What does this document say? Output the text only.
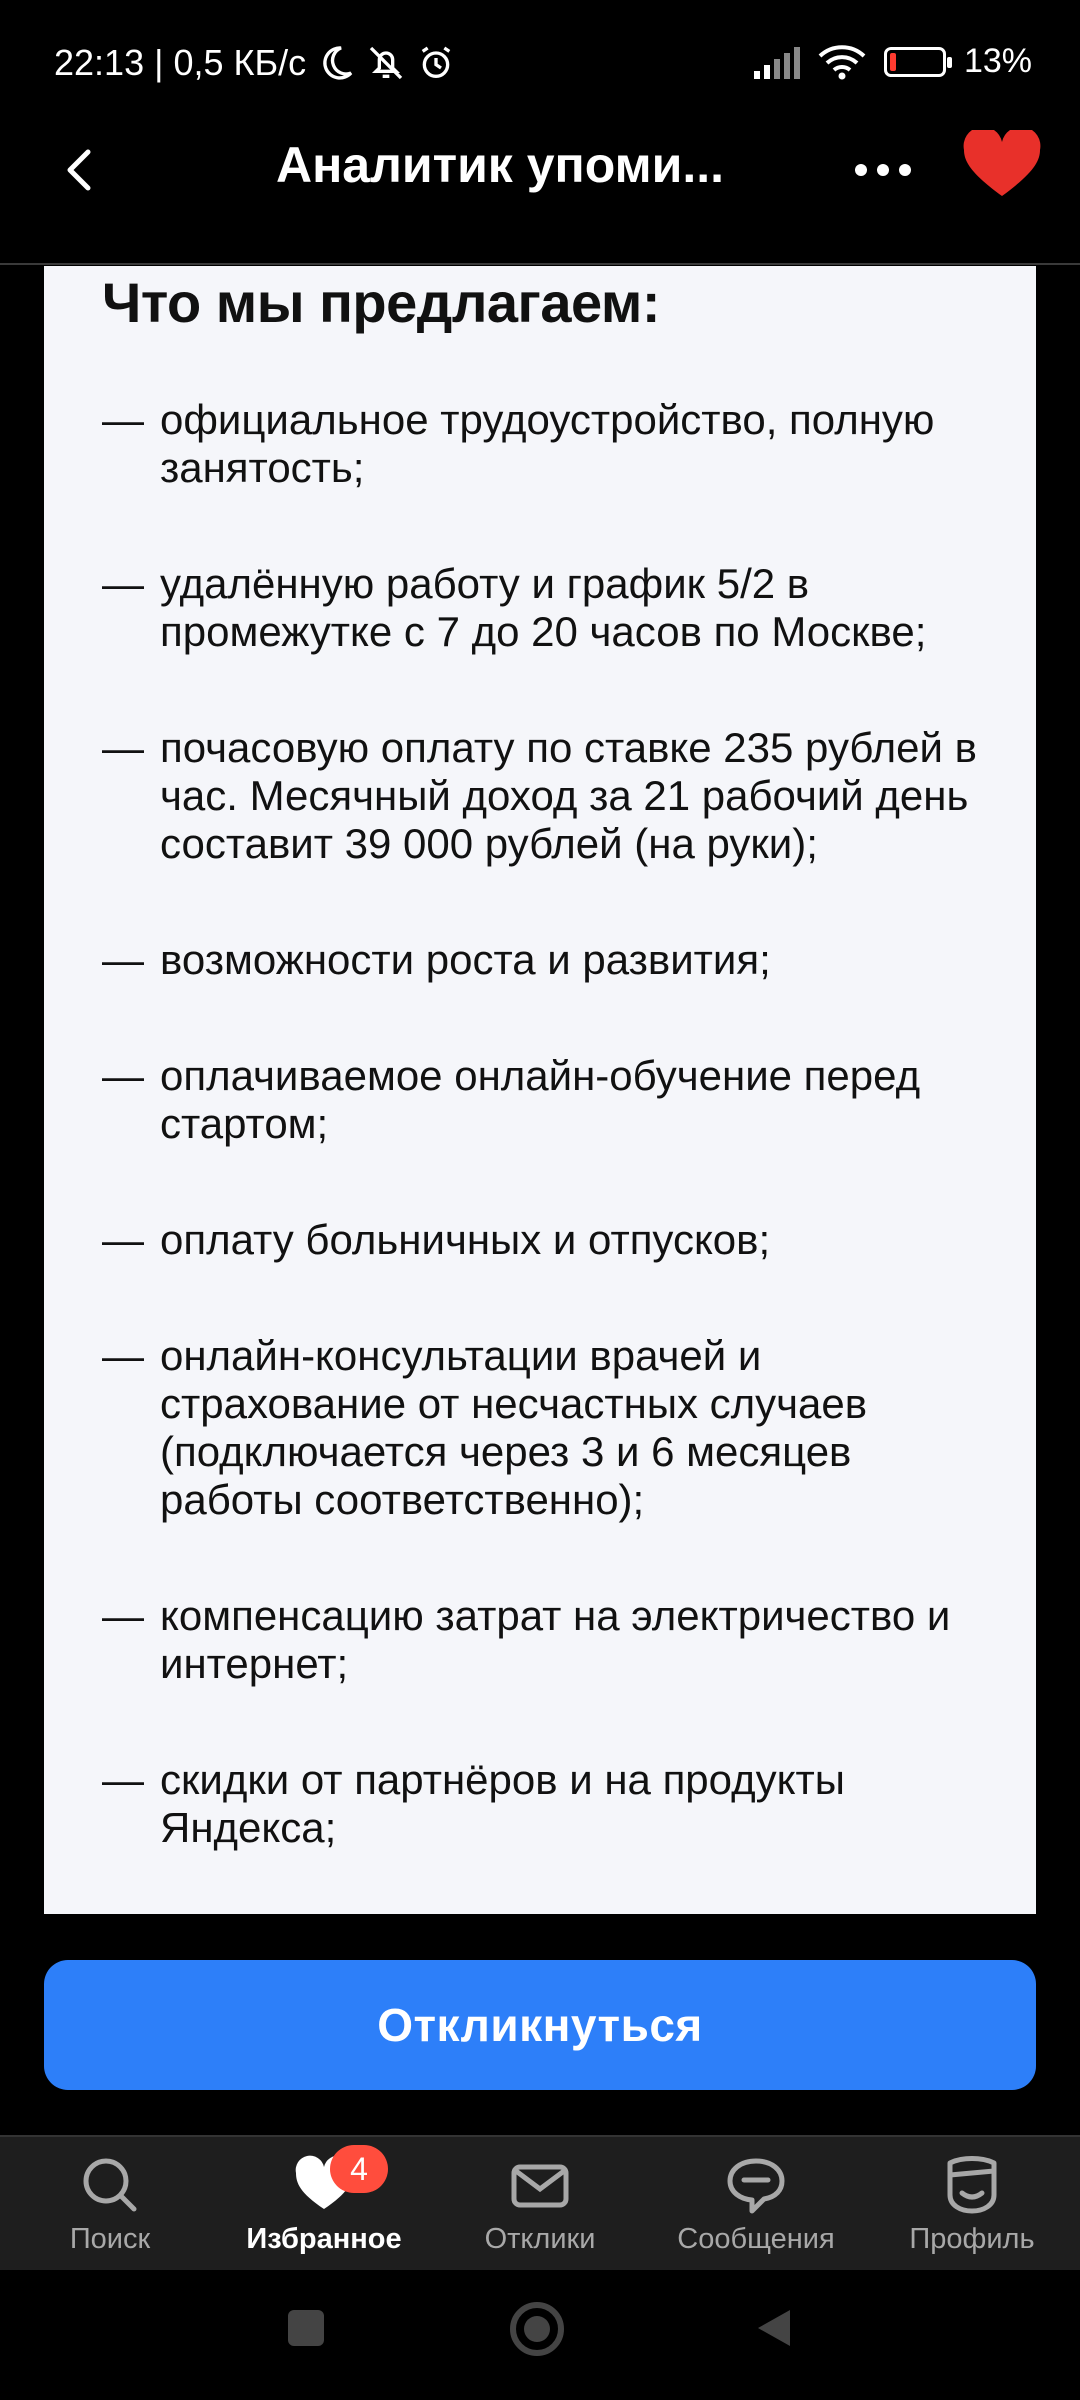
22:13 | 0,5 КБ/с	13%
Аналитик упоми...
Что мы предлагаем:
— официальное трудоустройство, полную занятость;
— удалённую работу и график 5/2 в промежутке с 7 до 20 часов по Москве;
— почасовую оплату по ставке 235 рублей в час. Месячный доход за 21 рабочий день составит 39 000 рублей (на руки);
— возможности роста и развития;
— оплачиваемое онлайн-обучение перед стартом;
— оплату больничных и отпусков;
— онлайн-консультации врачей и страхование от несчастных случаев (подключается через 3 и 6 месяцев работы соответственно);
— компенсацию затрат на электричество и интернет;
— скидки от партнёров и на продукты Яндекса;
Откликнуться
Поиск
4
Избранное	Отклики	Сообщения	Профиль
